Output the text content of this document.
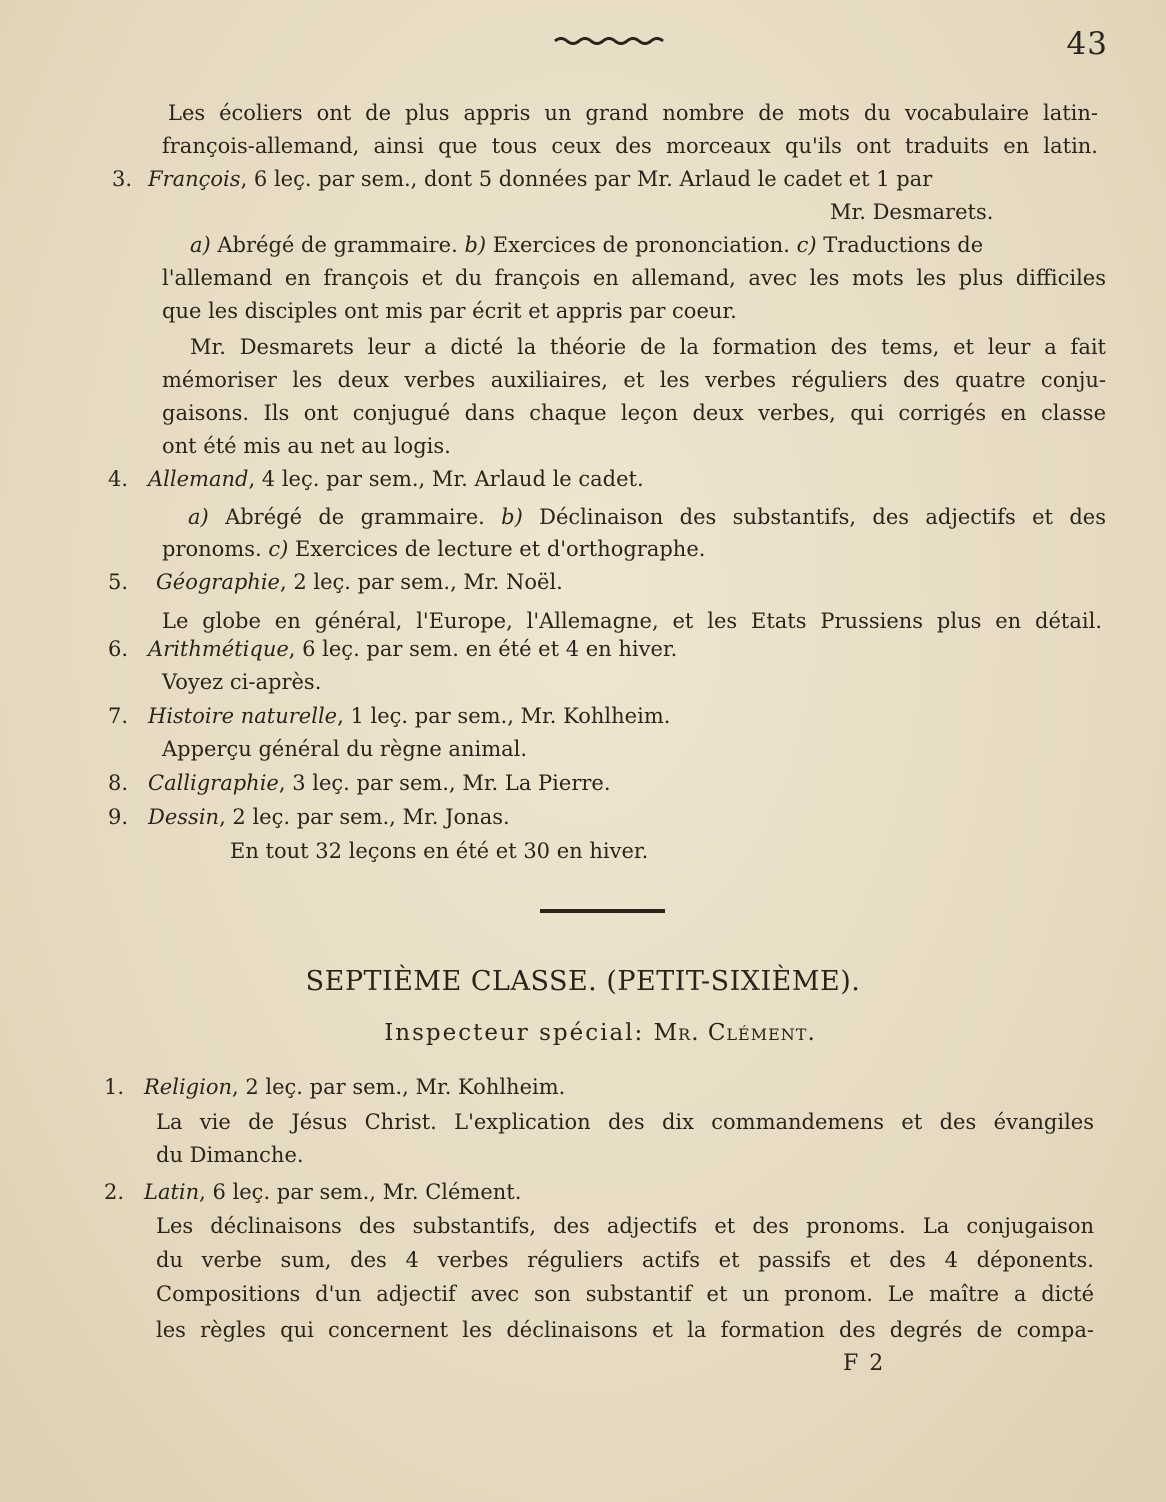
43
Les écoliers ont de plus appris un grand nombre de mots du vocabulaire latin-
françois-allemand, ainsi que tous ceux des morceaux qu'ils ont traduits en latin.
3. François, 6 leç. par sem., dont 5 données par Mr. Arlaud le cadet et 1 par
Mr. Desmarets.
a) Abrégé de grammaire. b) Exercices de prononciation. c) Traductions de
l'allemand en françois et du françois en allemand, avec les mots les plus difficiles
que les disciples ont mis par écrit et appris par coeur.
Mr. Desmarets leur a dicté la théorie de la formation des tems, et leur a fait
mémoriser les deux verbes auxiliaires, et les verbes réguliers des quatre conju-
gaisons. Ils ont conjugué dans chaque leçon deux verbes, qui corrigés en classe
ont été mis au net au logis.
4. Allemand, 4 leç. par sem., Mr. Arlaud le cadet.
a) Abrégé de grammaire. b) Déclinaison des substantifs, des adjectifs et des
pronoms. c) Exercices de lecture et d'orthographe.
5. Géographie, 2 leç. par sem., Mr. Noël.
Le globe en général, l'Europe, l'Allemagne, et les Etats Prussiens plus en détail.
6. Arithmétique, 6 leç. par sem. en été et 4 en hiver.
Voyez ci-après.
7. Histoire naturelle, 1 leç. par sem., Mr. Kohlheim.
Apperçu général du règne animal.
8. Calligraphie, 3 leç. par sem., Mr. La Pierre.
9. Dessin, 2 leç. par sem., Mr. Jonas.
En tout 32 leçons en été et 30 en hiver.
SEPTIÈME CLASSE. (PETIT-SIXIÈME).
Inspecteur spécial: Mr. Clément.
1. Religion, 2 leç. par sem., Mr. Kohlheim.
La vie de Jésus Christ. L'explication des dix commandemens et des évangiles
du Dimanche.
2. Latin, 6 leç. par sem., Mr. Clément.
Les déclinaisons des substantifs, des adjectifs et des pronoms. La conjugaison
du verbe sum, des 4 verbes réguliers actifs et passifs et des 4 déponents.
Compositions d'un adjectif avec son substantif et un pronom. Le maître a dicté
les règles qui concernent les déclinaisons et la formation des degrés de compa-
F 2
